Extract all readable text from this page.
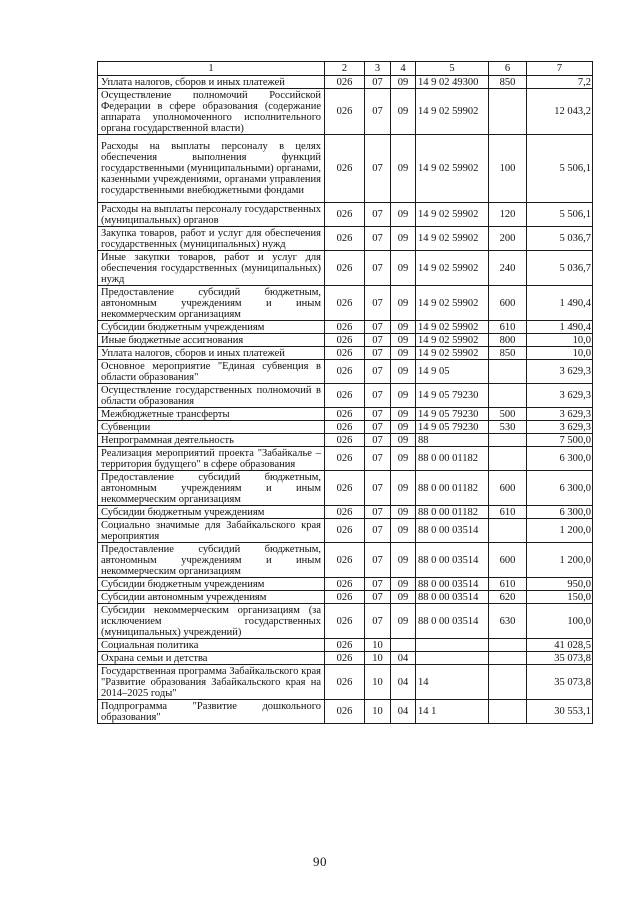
1	2	3	4	5	6	7
Уплата налогов, сборов и иных платежей	026	07	09	14 9 02 49300	850	7,2
Осуществление полномочий Российской Федерации в сфере образования (содержание аппарата уполномоченного исполнительного органа государственной власти)	026	07	09	14 9 02 59902		12 043,2
Расходы на выплаты персоналу в целях обеспечения выполнения функций государственными (муниципальными) органами, казенными учреждениями, органами управления государственными внебюджетными фондами	026	07	09	14 9 02 59902	100	5 506,1
Расходы на выплаты персоналу государственных (муниципальных) органов	026	07	09	14 9 02 59902	120	5 506,1
Закупка товаров, работ и услуг для обеспечения государственных (муниципальных) нужд	026	07	09	14 9 02 59902	200	5 036,7
Иные закупки товаров, работ и услуг для обеспечения государственных (муниципальных) нужд	026	07	09	14 9 02 59902	240	5 036,7
Предоставление субсидий бюджетным, автономным учреждениям и иным некоммерческим организациям	026	07	09	14 9 02 59902	600	1 490,4
Субсидии бюджетным учреждениям	026	07	09	14 9 02 59902	610	1 490,4
Иные бюджетные ассигнования	026	07	09	14 9 02 59902	800	10,0
Уплата налогов, сборов и иных платежей	026	07	09	14 9 02 59902	850	10,0
Основное мероприятие "Единая субвенция в области образования"	026	07	09	14 9 05		3 629,3
Осуществление государственных полномочий в области образования	026	07	09	14 9 05 79230		3 629,3
Межбюджетные трансферты	026	07	09	14 9 05 79230	500	3 629,3
Субвенции	026	07	09	14 9 05 79230	530	3 629,3
Непрограммная деятельность	026	07	09	88		7 500,0
Реализация мероприятий проекта "Забайкалье – территория будущего" в сфере образования	026	07	09	88 0 00 01182		6 300,0
Предоставление субсидий бюджетным, автономным учреждениям и иным некоммерческим организациям	026	07	09	88 0 00 01182	600	6 300,0
Субсидии бюджетным учреждениям	026	07	09	88 0 00 01182	610	6 300,0
Социально значимые для Забайкальского края мероприятия	026	07	09	88 0 00 03514		1 200,0
Предоставление субсидий бюджетным, автономным учреждениям и иным некоммерческим организациям	026	07	09	88 0 00 03514	600	1 200,0
Субсидии бюджетным учреждениям	026	07	09	88 0 00 03514	610	950,0
Субсидии автономным учреждениям	026	07	09	88 0 00 03514	620	150,0
Субсидии некоммерческим организациям (за исключением государственных (муниципальных) учреждений)	026	07	09	88 0 00 03514	630	100,0
Социальная политика	026	10				41 028,5
Охрана семьи и детства	026	10	04			35 073,8
Государственная программа Забайкальского края "Развитие образования Забайкальского края на 2014–2025 годы"	026	10	04	14		35 073,8
Подпрограмма "Развитие дошкольного образования"	026	10	04	14 1		30 553,1
90
